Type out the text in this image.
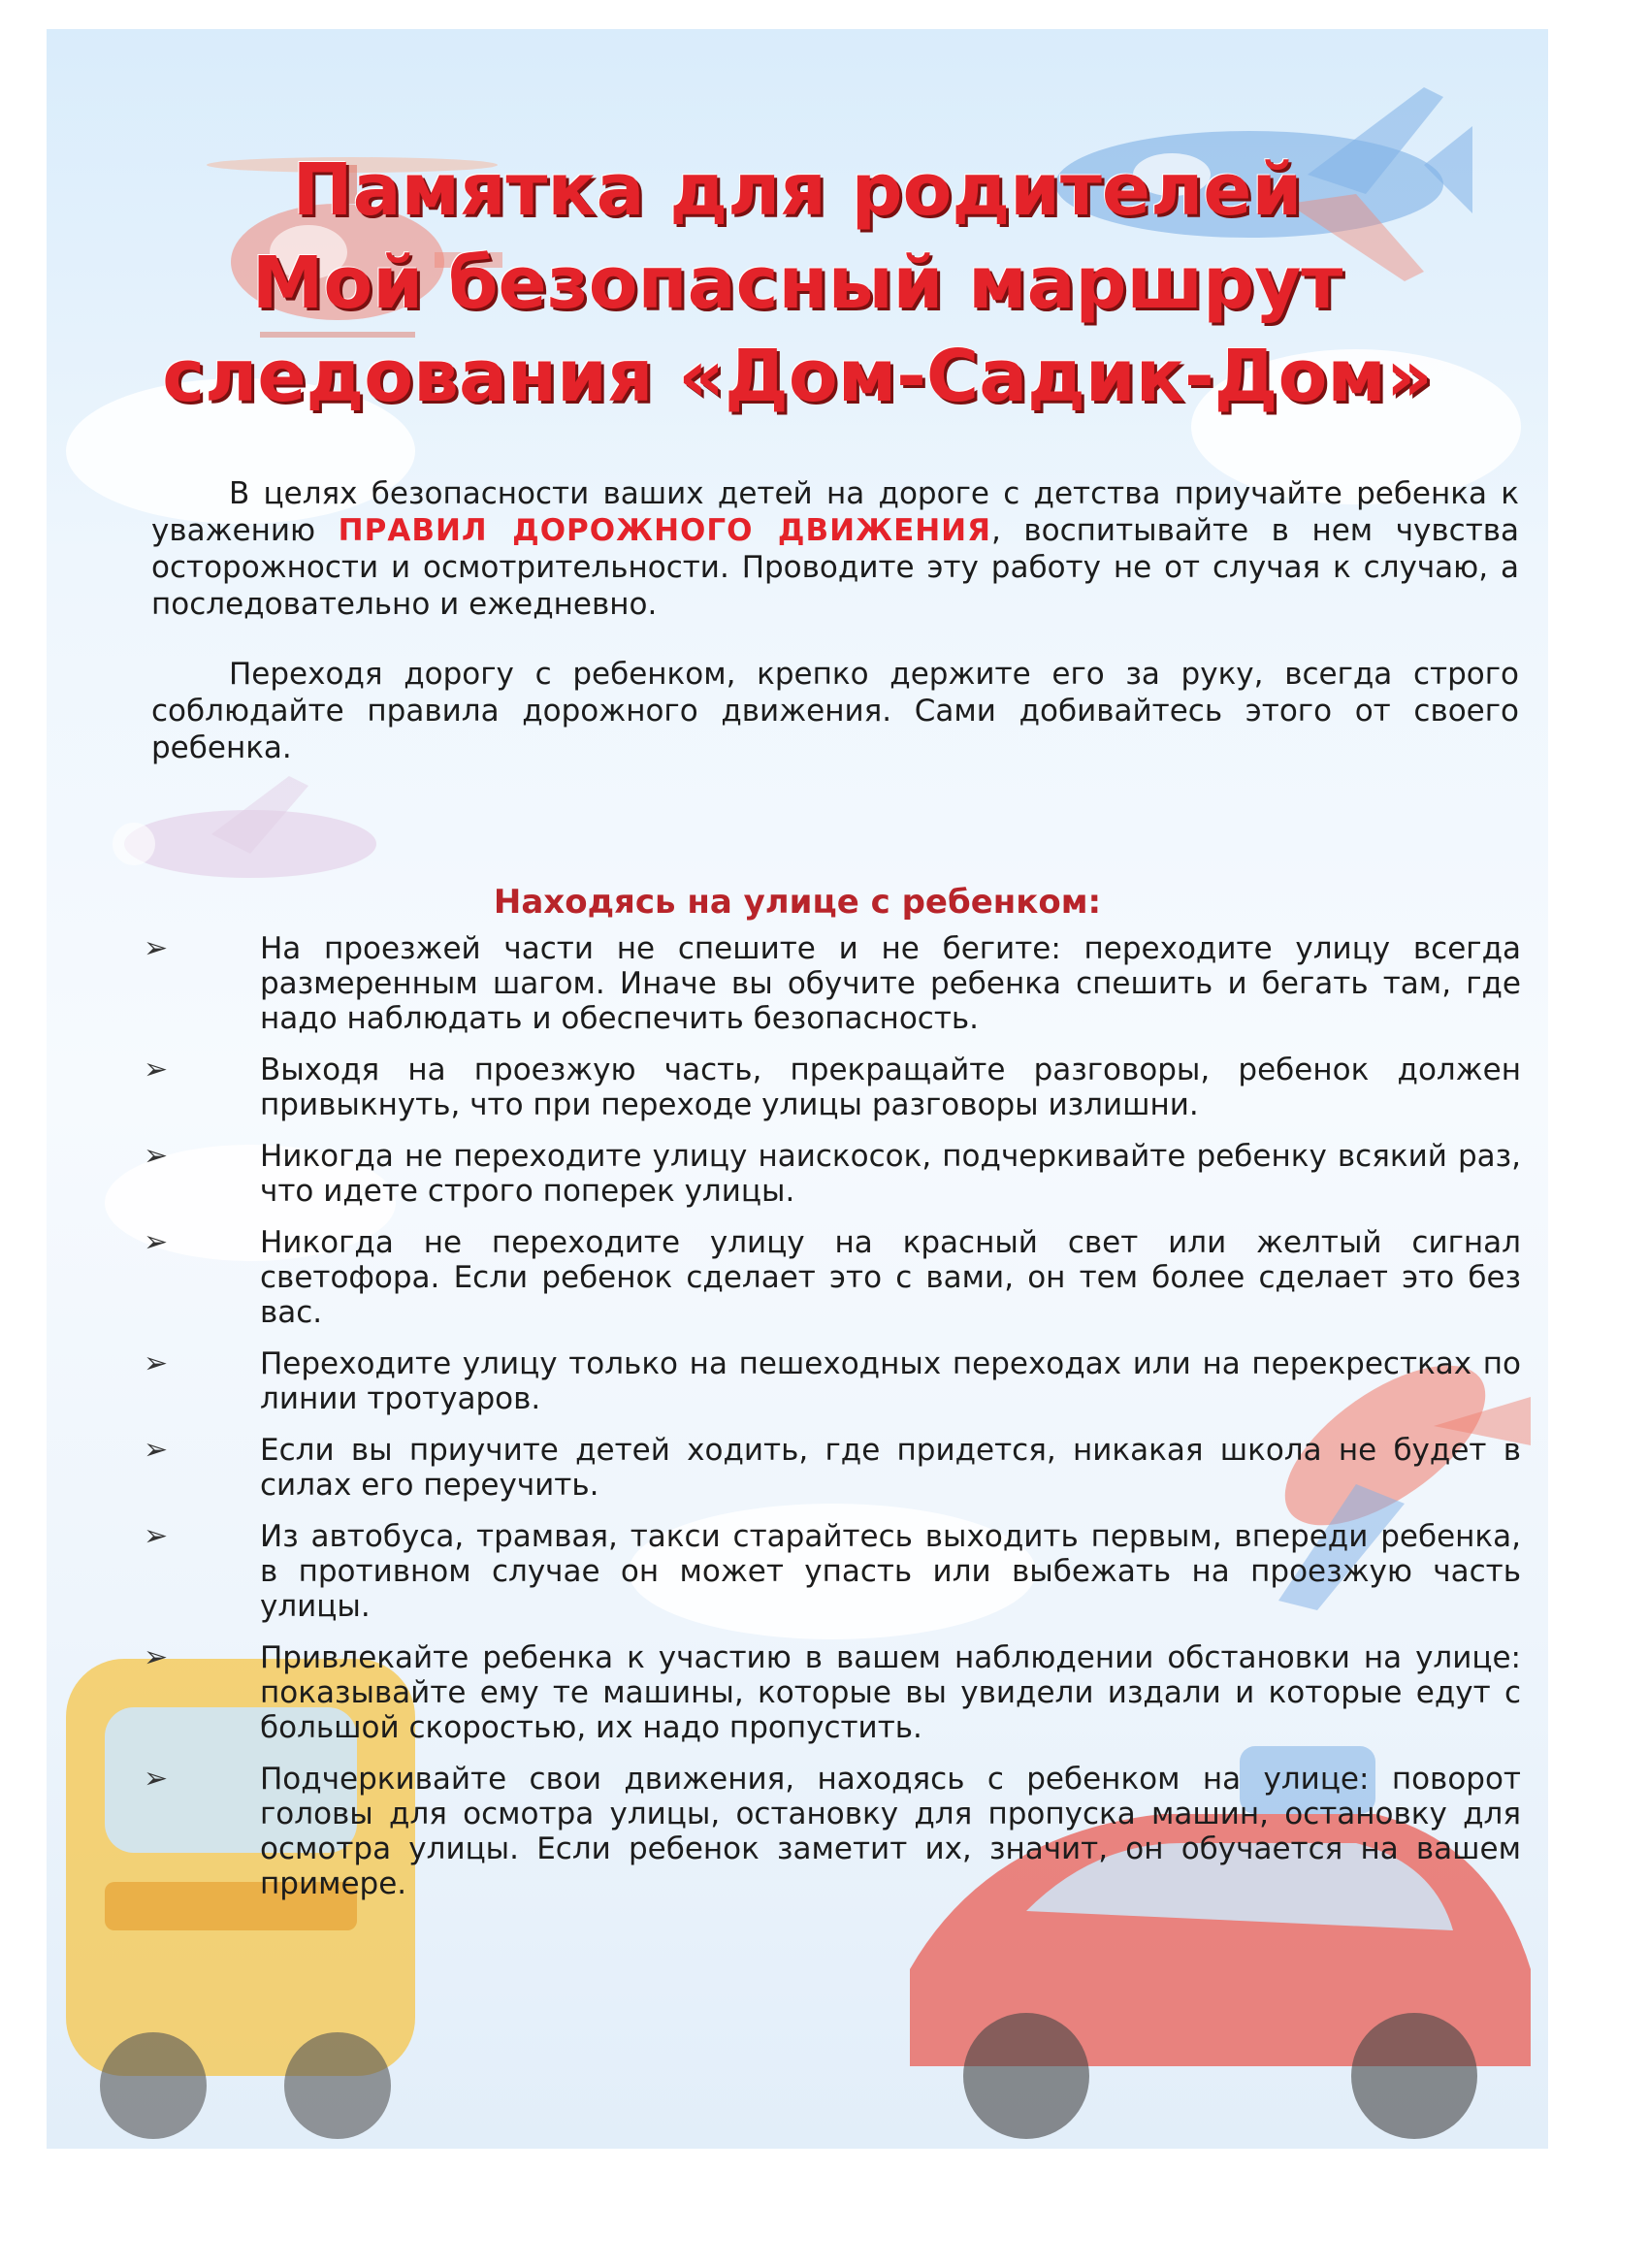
Памятка для родителей
Мой безопасный маршрут
следования «Дом-Садик-Дом»

В целях безопасности ваших детей на дороге с детства приучайте ребенка к уважению ПРАВИЛ ДОРОЖНОГО ДВИЖЕНИЯ, воспитывайте в нем чувства осторожности и осмотрительности. Проводите эту работу не от случая к случаю, а последовательно и ежедневно.

Переходя дорогу с ребенком, крепко держите его за руку, всегда строго соблюдайте правила дорожного движения. Сами добивайтесь этого от своего ребенка.

Находясь на улице с ребенком:
➢	На проезжей части не спешите и не бегите: переходите улицу всегда размеренным шагом. Иначе вы обучите ребенка спешить и бегать там, где надо наблюдать и обеспечить безопасность.
➢	Выходя на проезжую часть, прекращайте разговоры, ребенок должен привыкнуть, что при переходе улицы разговоры излишни.
➢	Никогда не переходите улицу наискосок, подчеркивайте ребенку всякий раз, что идете строго поперек улицы.
➢	Никогда не переходите улицу на красный свет или желтый сигнал светофора. Если ребенок сделает это с вами, он тем более сделает это без вас.
➢	Переходите улицу только на пешеходных переходах или на перекрестках по линии тротуаров.
➢	Если вы приучите детей ходить, где придется, никакая школа не будет в силах его переучить.
➢	Из автобуса, трамвая, такси старайтесь выходить первым, впереди ребенка, в противном случае он может упасть или выбежать на проезжую часть улицы.
➢	Привлекайте ребенка к участию в вашем наблюдении обстановки на улице: показывайте ему те машины, которые вы увидели издали и которые едут с большой скоростью, их надо пропустить.
➢	Подчеркивайте свои движения, находясь с ребенком на улице: поворот головы для осмотра улицы, остановку для пропуска машин, остановку для осмотра улицы. Если ребенок заметит их, значит, он обучается на вашем примере.
